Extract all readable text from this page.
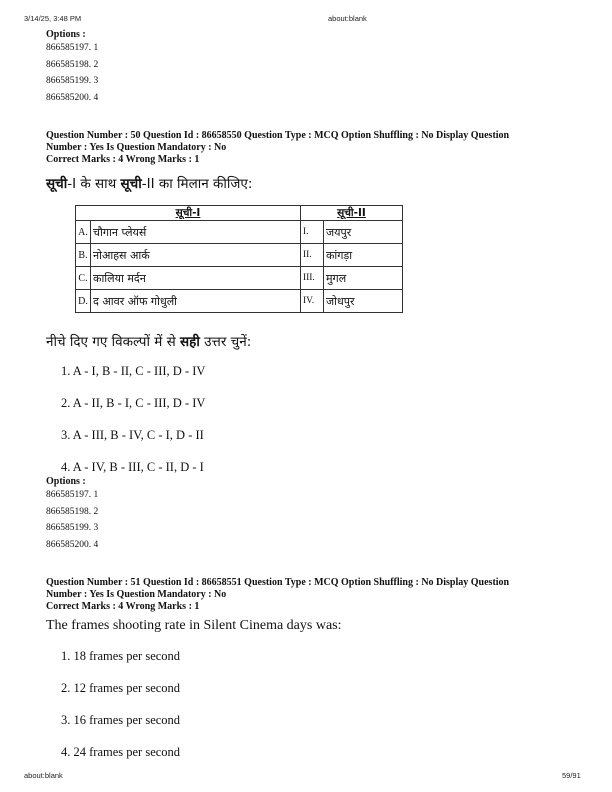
3/14/25, 3:48 PM	about:blank
Options :
866585197. 1
866585198. 2
866585199. 3
866585200. 4
Question Number : 50 Question Id : 86658550 Question Type : MCQ Option Shuffling : No Display Question
Number : Yes Is Question Mandatory : No
Correct Marks : 4 Wrong Marks : 1
सूची-I के साथ सूची-II का मिलान कीजिए:
सूची-I		सूची-II	
A.	चौगान प्लेयर्स	I.	जयपुर
B.	नोआहस आर्क	II.	कांगड़ा
C.	कालिया मर्दन	III.	मुगल
D.	द आवर ऑफ गोधुली	IV.	जोधपुर
नीचे दिए गए विकल्पों में से सही उत्तर चुनें:
1. A - I, B - II, C - III, D - IV
2. A - II, B - I, C - III, D - IV
3. A - III, B - IV, C - I, D - II
4. A - IV, B - III, C - II, D - I
Options :
866585197. 1
866585198. 2
866585199. 3
866585200. 4
Question Number : 51 Question Id : 86658551 Question Type : MCQ Option Shuffling : No Display Question
Number : Yes Is Question Mandatory : No
Correct Marks : 4 Wrong Marks : 1
The frames shooting rate in Silent Cinema days was:
1. 18 frames per second
2. 12 frames per second
3. 16 frames per second
4. 24 frames per second
about:blank	59/91
